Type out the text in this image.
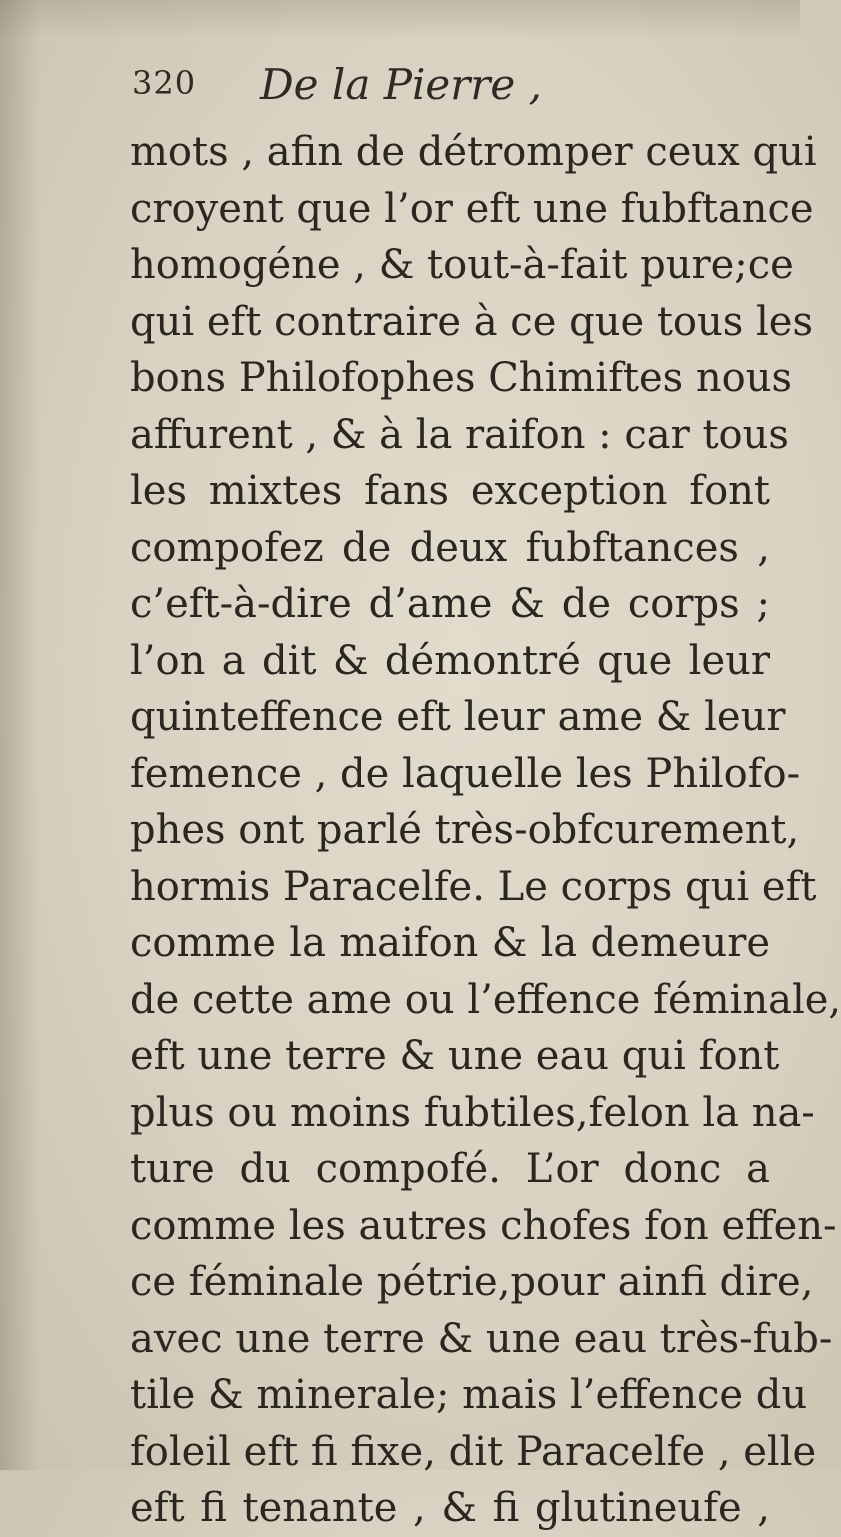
320 De la Pierre ,
mots , afin de détromper ceux qui
croyent que l’or eft une fubftance
homogéne , & tout-à-fait pure;ce
qui eft contraire à ce que tous les
bons Philofophes Chimiftes nous
affurent , & à la raifon : car tous
les mixtes fans exception font
compofez de deux fubftances ,
c’eft-à-dire d’ame & de corps ;
l’on a dit & démontré que leur
quinteffence eft leur ame & leur
femence , de laquelle les Philofo-
phes ont parlé très-obfcurement,
hormis Paracelfe. Le corps qui eft
comme la maifon & la demeure
de cette ame ou l’effence féminale,
eft une terre & une eau qui font
plus ou moins fubtiles,felon la na-
ture du compofé. L’or donc a
comme les autres chofes fon effen-
ce féminale pétrie,pour ainfi dire,
avec une terre & une eau très-fub-
tile & minerale; mais l’effence du
foleil eft fi fixe, dit Paracelfe , elle
eft fi tenante , & fi glutineufe ,
